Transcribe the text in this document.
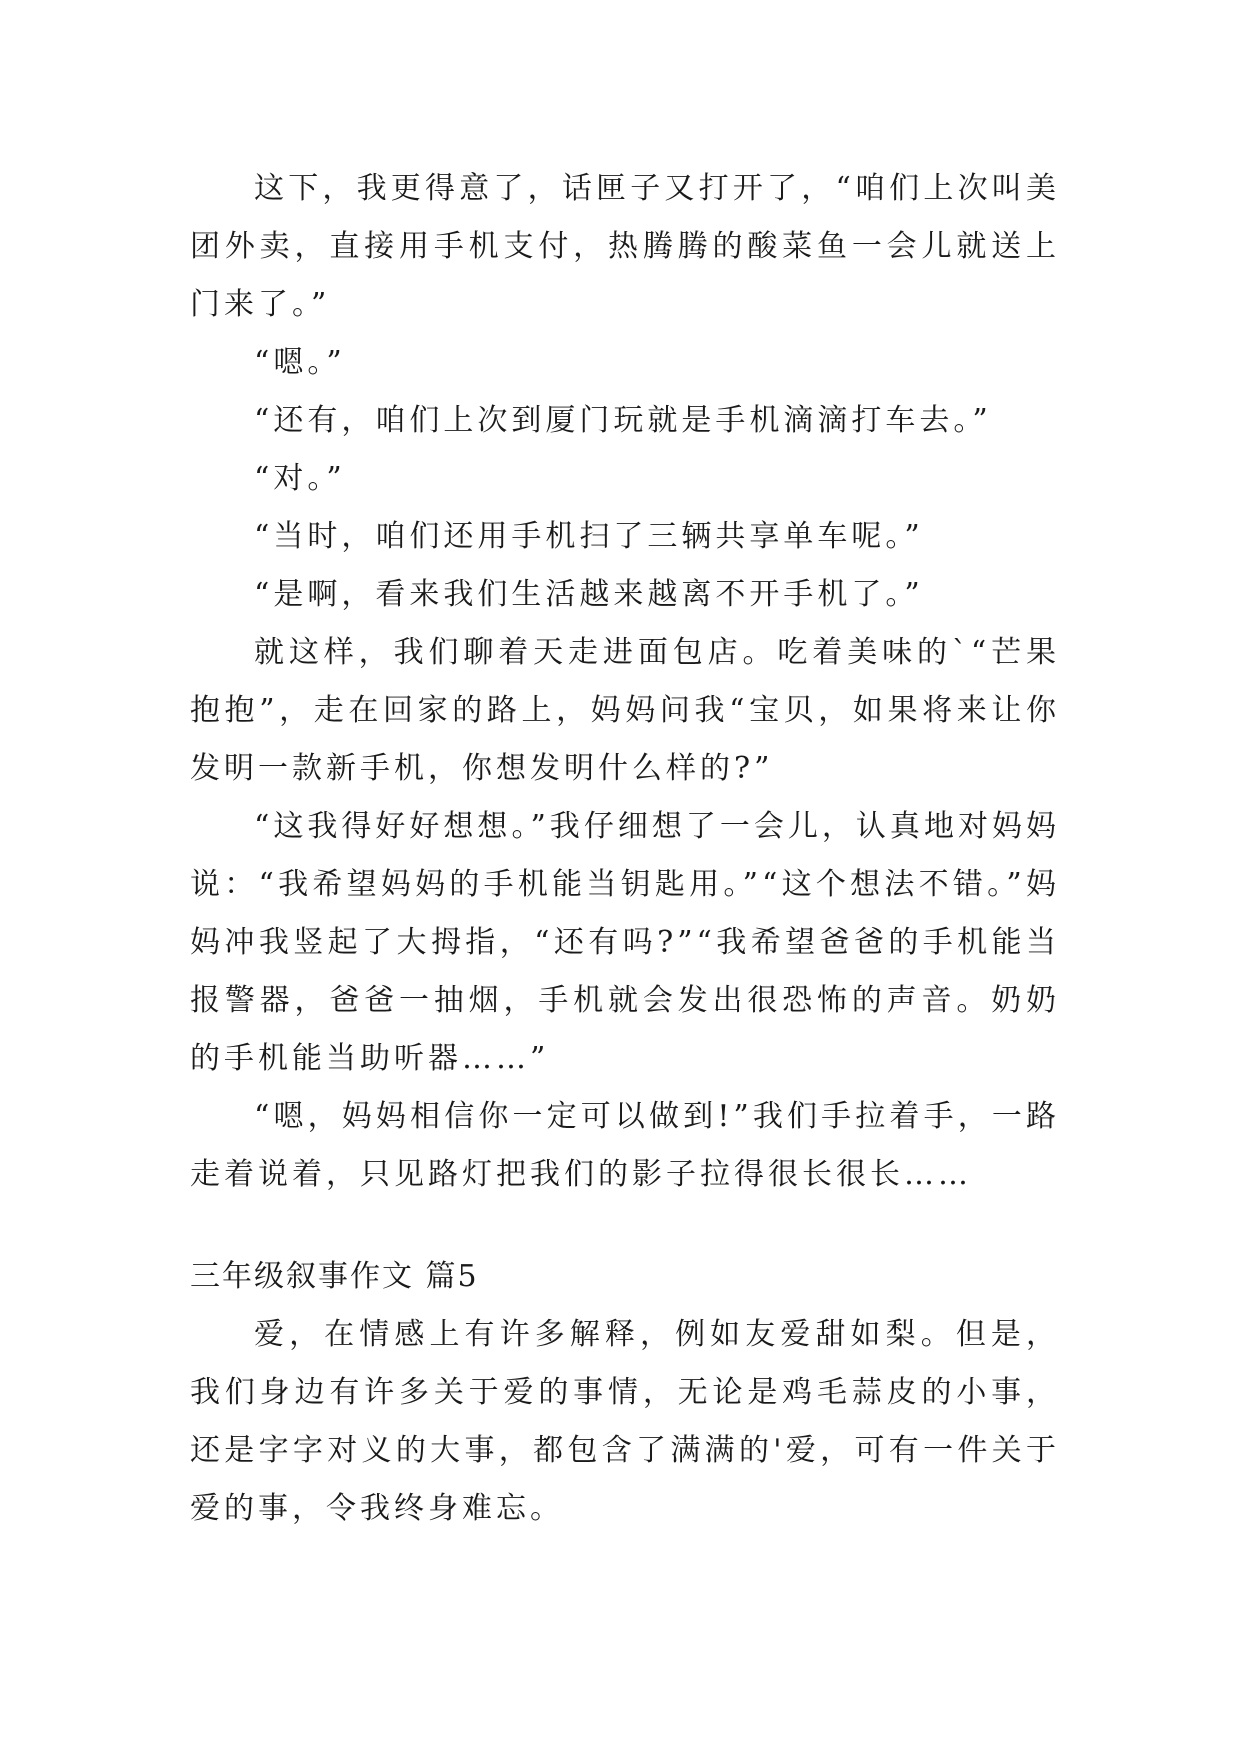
这下，我更得意了，话匣子又打开了，“咱们上次叫美团外卖，直接用手机支付，热腾腾的酸菜鱼一会儿就送上门来了。”

“嗯。”

“还有，咱们上次到厦门玩就是手机滴滴打车去。”

“对。”

“当时，咱们还用手机扫了三辆共享单车呢。”

“是啊，看来我们生活越来越离不开手机了。”

就这样，我们聊着天走进面包店。吃着美味的`“芒果抱抱”，走在回家的路上，妈妈问我“宝贝，如果将来让你发明一款新手机，你想发明什么样的?”

“这我得好好想想。”我仔细想了一会儿，认真地对妈妈说：“我希望妈妈的手机能当钥匙用。”“这个想法不错。”妈妈冲我竖起了大拇指，“还有吗?”“我希望爸爸的手机能当报警器，爸爸一抽烟，手机就会发出很恐怖的声音。奶奶的手机能当助听器……”

“嗯，妈妈相信你一定可以做到!”我们手拉着手，一路走着说着，只见路灯把我们的影子拉得很长很长……

三年级叙事作文 篇5

爱，在情感上有许多解释，例如友爱甜如梨。但是，我们身边有许多关于爱的事情，无论是鸡毛蒜皮的小事，还是字字对义的大事，都包含了满满的'爱，可有一件关于爱的事，令我终身难忘。
